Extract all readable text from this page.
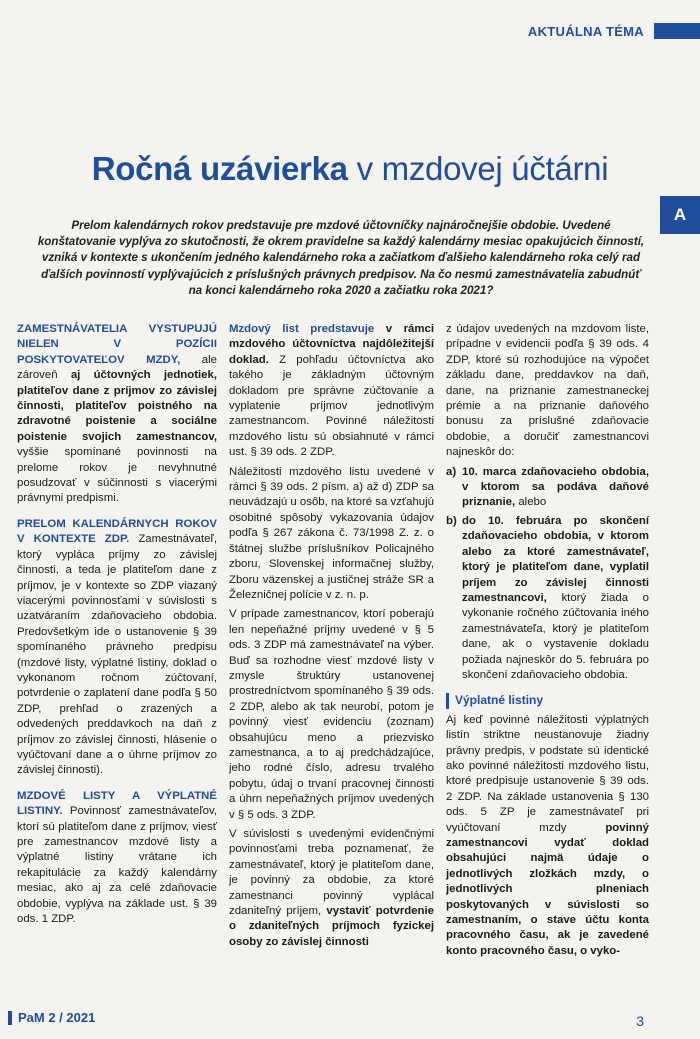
AKTUÁLNA TÉMA
Ročná uzávierka v mzdovej účtárni
A
Prelom kalendárnych rokov predstavuje pre mzdové účtovníčky najnáročnejšie obdobie. Uvedené konštatovanie vyplýva zo skutočnosti, že okrem pravidelne sa každý kalendárny mesiac opakujúcich činností, vzniká v kontexte s ukončením jedného kalendárneho roka a začiatkom ďalšieho kalendárneho roka celý rad ďalších povinností vyplývajúcich z príslušných právnych predpisov. Na čo nesmú zamestnávatelia zabudnúť na konci kalendárneho roka 2020 a začiatku roka 2021?

ZAMESTNÁVATELIA VYSTUPUJÚ NIELEN V POZÍCII POSKYTOVATEĽOV MZDY, ale zároveň aj účtovných jednotiek, platiteľov dane z príjmov zo závislej činnosti, platiteľov poistného na zdravotné poistenie a sociálne poistenie svojich zamestnancov, vyššie spomínané povinnosti na prelome rokov je nevyhnutné posudzovať v súčinnosti s viacerými právnymi predpismi.

PRELOM KALENDÁRNYCH ROKOV V KONTEXTE ZDP. Zamestnávateľ, ktorý vypláca príjmy zo závislej činnosti, a teda je platiteľom dane z príjmov, je v kontexte so ZDP viazaný viacerými povinnosťami v súvislosti s uzatváraním zdaňovacieho obdobia. Predovšetkým ide o ustanovenie § 39 spomínaného právneho predpisu (mzdové listy, výplatné listiny, doklad o vykonanom ročnom zúčtovaní, potvrdenie o zaplatení dane podľa § 50 ZDP, prehľad o zrazených a odvedených preddavkoch na daň z príjmov zo závislej činnosti, hlásenie o vyúčtovaní dane a o úhrne príjmov zo závislej činnosti).

MZDOVÉ LISTY A VÝPLATNÉ LISTINY. Povinnosť zamestnávateľov, ktorí sú platiteľom dane z príjmov, viesť pre zamestnancov mzdové listy a výplatné listiny vrátane ich rekapitulácie za každý kalendárny mesiac, ako aj za celé zdaňovacie obdobie, vyplýva na základe ust. § 39 ods. 1 ZDP.

Mzdový list predstavuje v rámci mzdového účtovníctva najdôležitejší doklad. Z pohľadu účtovníctva ako takého je základným účtovným dokladom pre správne zúčtovanie a vyplatenie príjmov jednotlivým zamestnancom. Povinné náležitosti mzdového listu sú obsiahnuté v rámci ust. § 39 ods. 2 ZDP.

Náležitosti mzdového listu uvedené v rámci § 39 ods. 2 písm. a) až d) ZDP sa neuvádzajú u osôb, na ktoré sa vzťahujú osobitné spôsoby vykazovania údajov podľa § 267 zákona č. 73/1998 Z. z. o štátnej službe príslušníkov Policajného zboru, Slovenskej informačnej služby, Zboru väzenskej a justičnej stráže SR a Železničnej polície v z. n. p.

V prípade zamestnancov, ktorí poberajú len nepeňažné príjmy uvedené v § 5 ods. 3 ZDP má zamestnávateľ na výber. Buď sa rozhodne viesť mzdové listy v zmysle štruktúry ustanovenej prostredníctvom spomínaného § 39 ods. 2 ZDP, alebo ak tak neurobí, potom je povinný viesť evidenciu (zoznam) obsahujúcu meno a priezvisko zamestnanca, a to aj predchádzajúce, jeho rodné číslo, adresu trvalého pobytu, údaj o trvaní pracovnej činnosti a úhrn nepeňažných príjmov uvedených v § 5 ods. 3 ZDP.

V súvislosti s uvedenými evidenčnými povinnosťami treba poznamenať, že zamestnávateľ, ktorý je platiteľom dane, je povinný za obdobie, za ktoré zamestnanci povinný vyplácal zdaniteľný príjem, vystaviť potvrdenie o zdaniteľných príjmoch fyzickej osoby zo závislej činnosti

z údajov uvedených na mzdovom liste, prípadne v evidencii podľa § 39 ods. 4 ZDP, ktoré sú rozhodujúce na výpočet základu dane, preddavkov na daň, dane, na priznanie zamestnaneckej prémie a na priznanie daňového bonusu za príslušné zdaňovacie obdobie, a doručiť zamestnancovi najneskôr do:

a) 10. marca zdaňovacieho obdobia, v ktorom sa podáva daňové priznanie, alebo
b) do 10. februára po skončení zdaňovacieho obdobia, v ktorom alebo za ktoré zamestnávateľ, ktorý je platiteľom dane, vyplatil príjem zo závislej činnosti zamestnancovi, ktorý žiada o vykonanie ročného zúčtovania iného zamestnávateľa, ktorý je platiteľom dane, ak o vystavenie dokladu požiada najneskôr do 5. februára po skončení zdaňovacieho obdobia.
Výplatné listiny

Aj keď povinné náležitosti výplatných listín striktne neustanovuje žiadny právny predpis, v podstate sú identické ako povinné náležitosti mzdového listu, ktoré predpisuje ustanovenie § 39 ods. 2 ZDP. Na základe ustanovenia § 130 ods. 5 ZP je zamestnávateľ pri vyúčtovaní mzdy povinný zamestnancovi vydať doklad obsahujúci najmä údaje o jednotlivých zložkách mzdy, o jednotlivých plneniach poskytovaných v súvislosti so zamestnaním, o stave účtu konta pracovného času, ak je zavedené konto pracovného času, o vyko-

PaM 2 / 2021	3
